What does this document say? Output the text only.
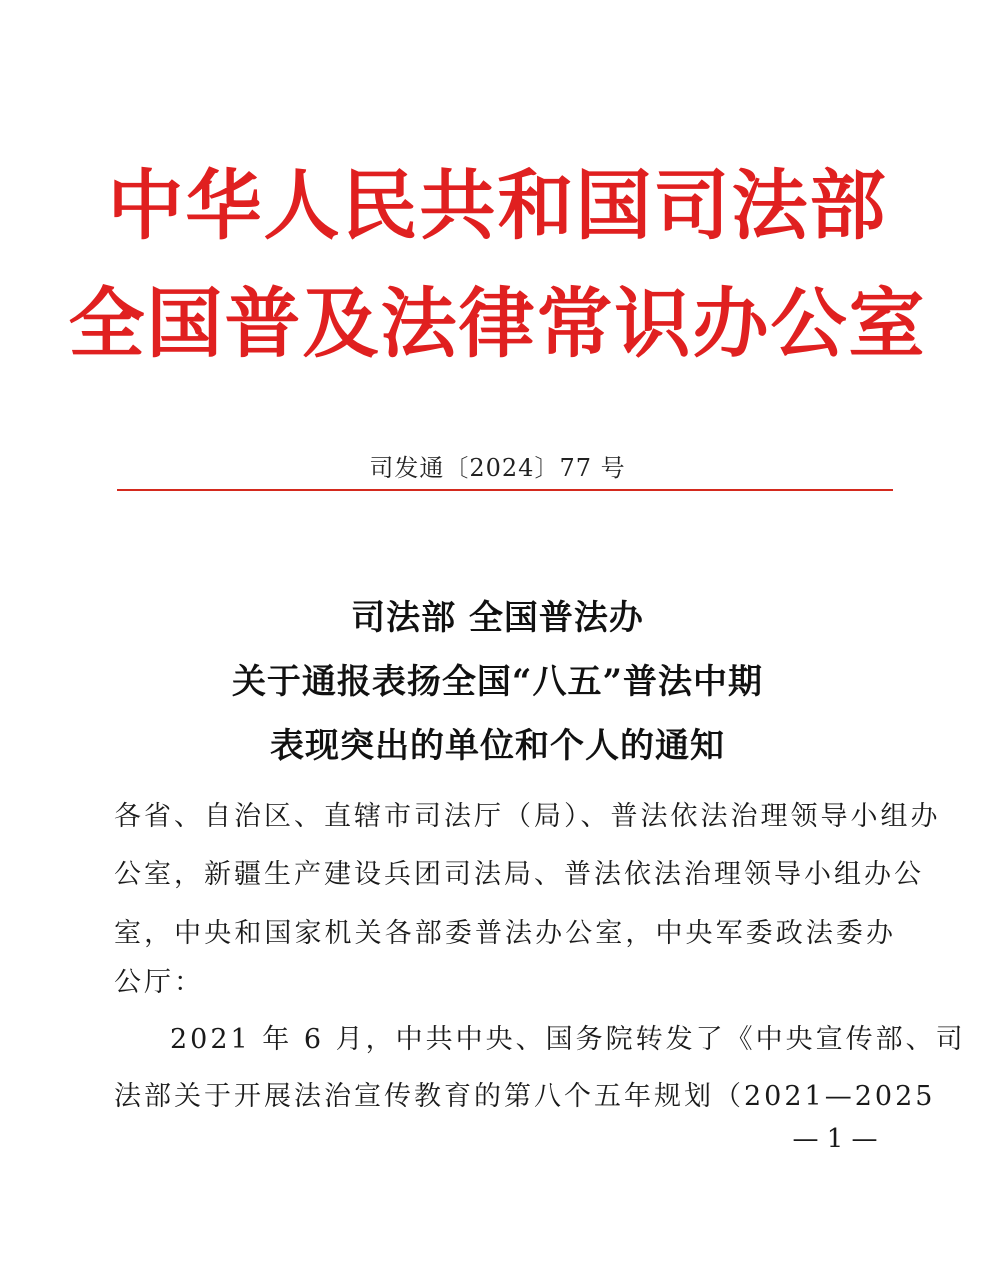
中华人民共和国司法部
全国普及法律常识办公室
司发通〔2024〕77 号
司法部 全国普法办
关于通报表扬全国“八五”普法中期
表现突出的单位和个人的通知
各省、自治区、直辖市司法厅（局）、普法依法治理领导小组办
公室，新疆生产建设兵团司法局、普法依法治理领导小组办公
室，中央和国家机关各部委普法办公室，中央军委政法委办
公厅：
2021 年 6 月，中共中央、国务院转发了《中央宣传部、司
法部关于开展法治宣传教育的第八个五年规划（2021—2025
— 1 —
